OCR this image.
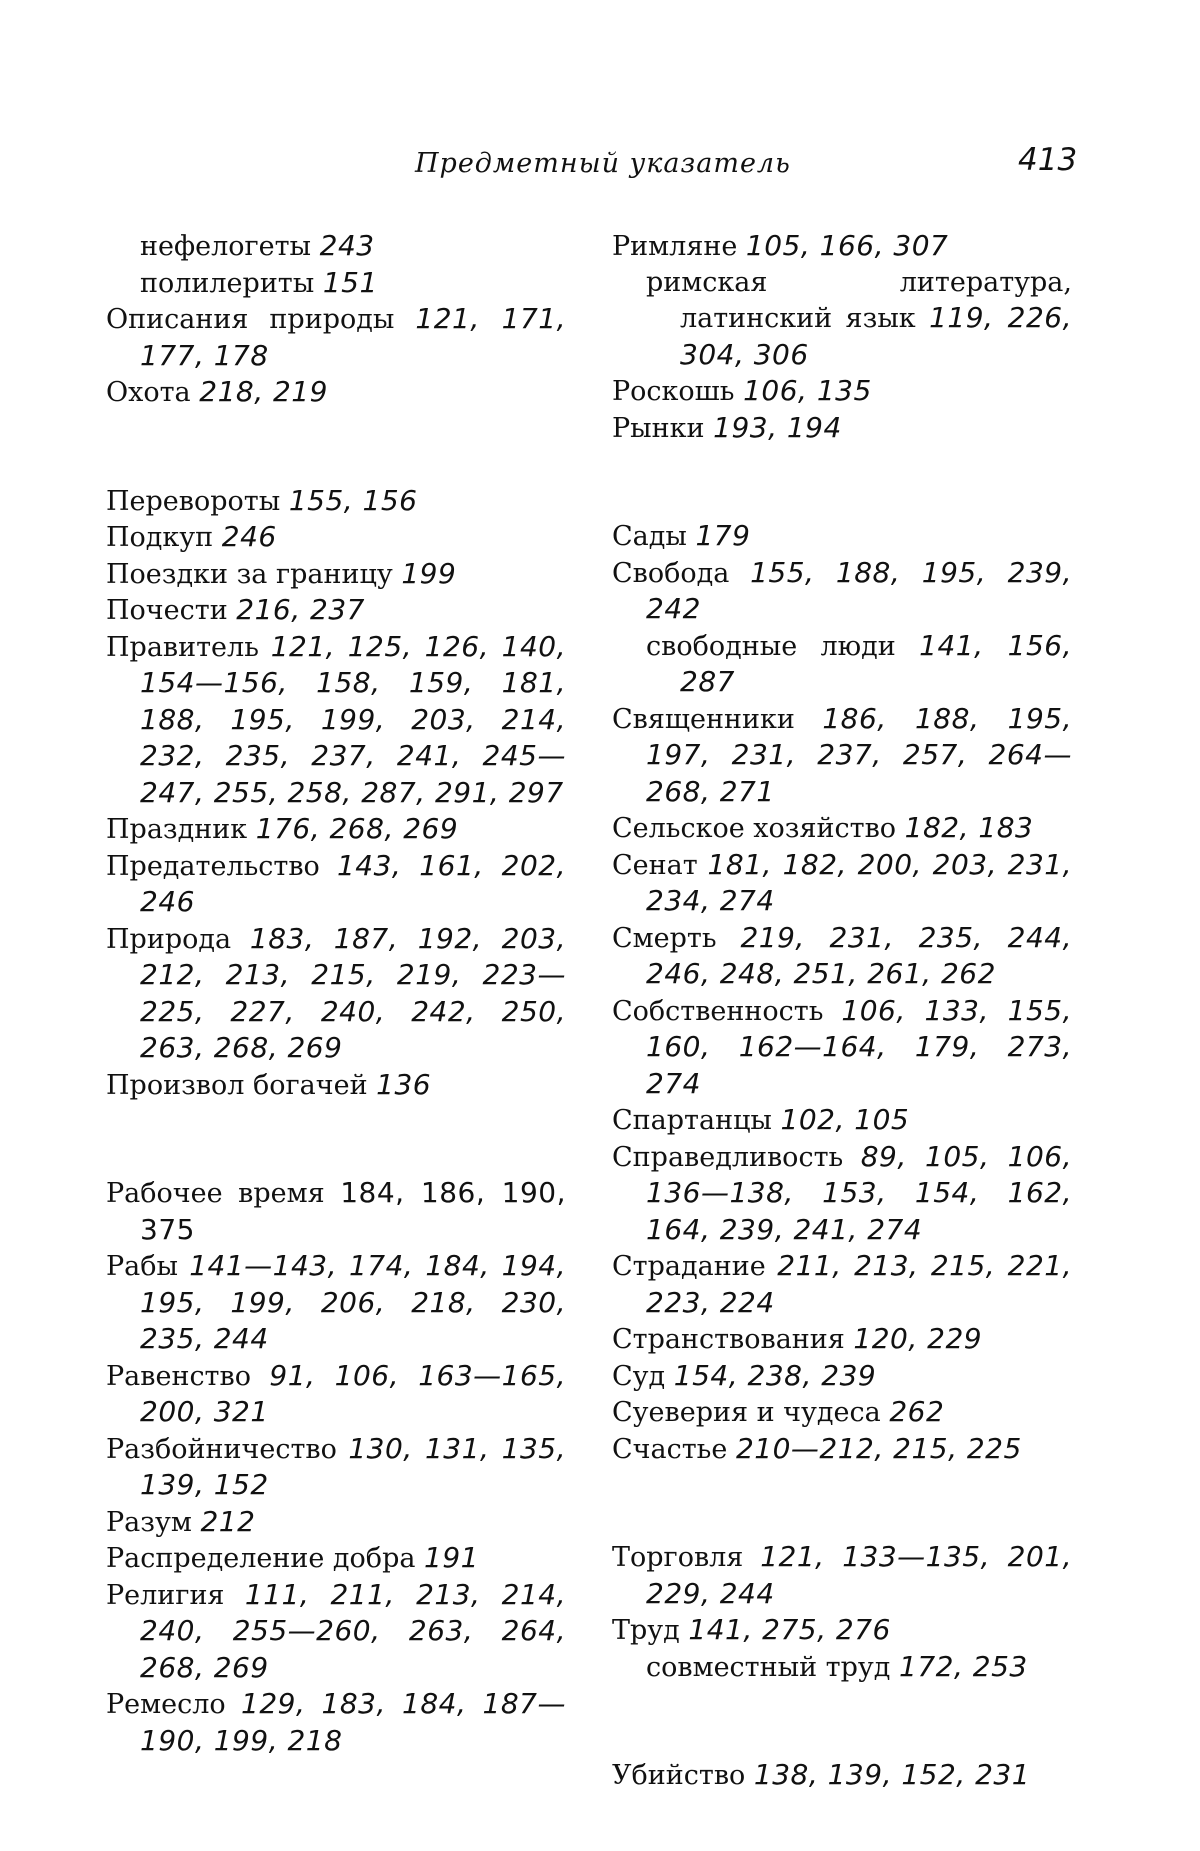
Предметный указатель	413
нефелогеты 243
полилериты 151
Описания природы 121, 171, 177, 178
Охота 218, 219
Перевороты 155, 156
Подкуп 246
Поездки за границу 199
Почести 216, 237
Правитель 121, 125, 126, 140, 154—156, 158, 159, 181, 188, 195, 199, 203, 214, 232, 235, 237, 241, 245—247, 255, 258, 287, 291, 297
Праздник 176, 268, 269
Предательство 143, 161, 202, 246
Природа 183, 187, 192, 203, 212, 213, 215, 219, 223—225, 227, 240, 242, 250, 263, 268, 269
Произвол богачей 136
Рабочее время 184, 186, 190, 375
Рабы 141—143, 174, 184, 194, 195, 199, 206, 218, 230, 235, 244
Равенство 91, 106, 163—165, 200, 321
Разбойничество 130, 131, 135, 139, 152
Разум 212
Распределение добра 191
Религия 111, 211, 213, 214, 240, 255—260, 263, 264, 268, 269
Ремесло 129, 183, 184, 187—190, 199, 218
Римляне 105, 166, 307
римская литература, латинский язык 119, 226, 304, 306
Роскошь 106, 135
Рынки 193, 194
Сады 179
Свобода 155, 188, 195, 239, 242
свободные люди 141, 156, 287
Священники 186, 188, 195, 197, 231, 237, 257, 264—268, 271
Сельское хозяйство 182, 183
Сенат 181, 182, 200, 203, 231, 234, 274
Смерть 219, 231, 235, 244, 246, 248, 251, 261, 262
Собственность 106, 133, 155, 160, 162—164, 179, 273, 274
Спартанцы 102, 105
Справедливость 89, 105, 106, 136—138, 153, 154, 162, 164, 239, 241, 274
Страдание 211, 213, 215, 221, 223, 224
Странствования 120, 229
Суд 154, 238, 239
Суеверия и чудеса 262
Счастье 210—212, 215, 225
Торговля 121, 133—135, 201, 229, 244
Труд 141, 275, 276
совместный труд 172, 253
Убийство 138, 139, 152, 231
